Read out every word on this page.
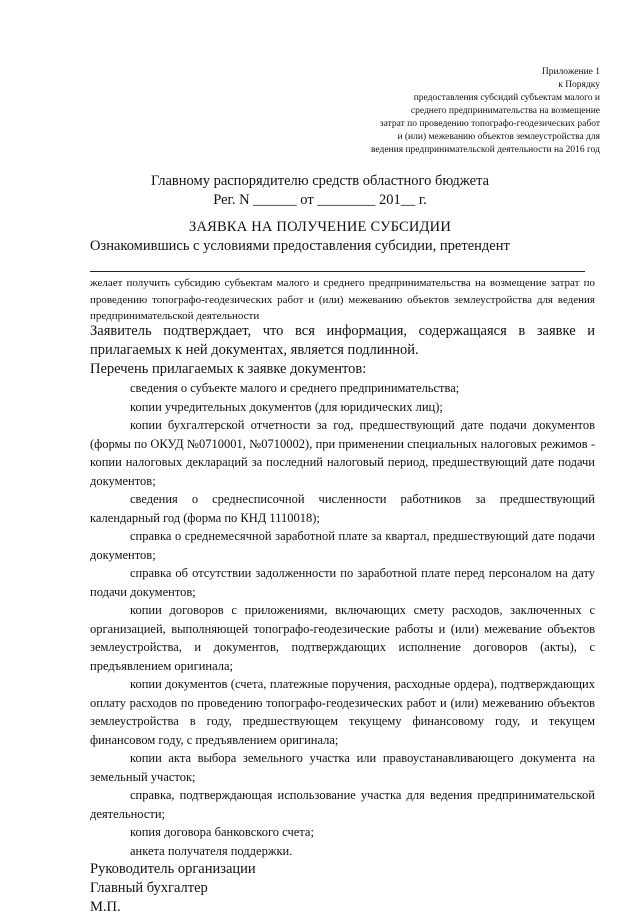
Приложение 1
к Порядку
предоставления субсидий субъектам малого и
среднего предпринимательства на возмещение
затрат по проведению топографо-геодезических работ
и (или) межеванию объектов землеустройства для
ведения предпринимательской деятельности на 2016 год
Главному распорядителю средств областного бюджета
Рег. N ______ от ________ 201__ г.
ЗАЯВКА НА ПОЛУЧЕНИЕ СУБСИДИИ
Ознакомившись с условиями предоставления субсидии, претендент
желает получить субсидию субъектам малого и среднего предпринимательства на возмещение затрат по проведению топографо-геодезических работ и (или) межеванию объектов землеустройства для ведения предпринимательской деятельности

Заявитель подтверждает, что вся информация, содержащаяся в заявке и прилагаемых к ней документах, является подлинной.

Перечень прилагаемых к заявке документов:

сведения о субъекте малого и среднего предпринимательства;

копии учредительных документов (для юридических лиц);

копии бухгалтерской отчетности за год, предшествующий дате подачи документов (формы по ОКУД №0710001, №0710002), при применении специальных налоговых режимов - копии налоговых деклараций за последний налоговый период, предшествующий дате подачи документов;

сведения о среднесписочной численности работников за предшествующий календарный год (форма по КНД 1110018);

справка о среднемесячной заработной плате за квартал, предшествующий дате подачи документов;

справка об отсутствии задолженности по заработной плате перед персоналом на дату подачи документов;

копии договоров с приложениями, включающих смету расходов, заключенных с организацией, выполняющей топографо-геодезические работы и (или) межевание объектов землеустройства, и документов, подтверждающих исполнение договоров (акты), с предъявлением оригинала;

копии документов (счета, платежные поручения, расходные ордера), подтверждающих оплату расходов по проведению топографо-геодезических работ и (или) межеванию объектов землеустройства в году, предшествующем текущему финансовому году, и текущем финансовом году, с предъявлением оригинала;

копии акта выбора земельного участка или правоустанавливающего документа на земельный участок;

справка, подтверждающая использование участка для ведения предпринимательской деятельности;

копия договора банковского счета;

анкета получателя поддержки.

Руководитель организации

Главный бухгалтер

М.П.
